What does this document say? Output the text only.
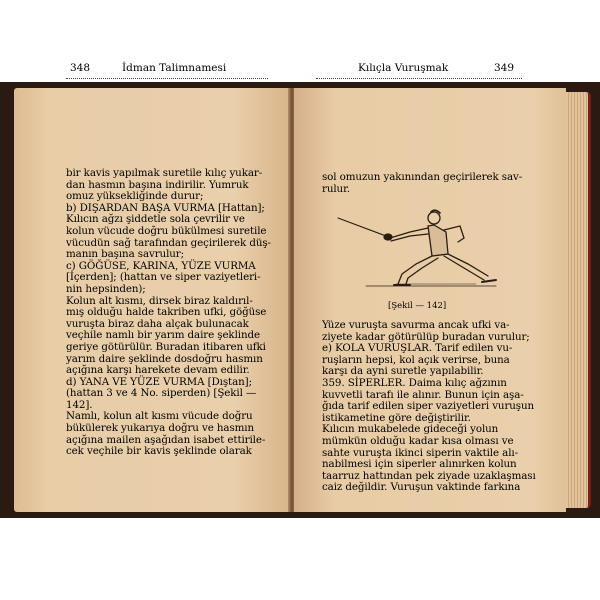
348	İdman Talimnamesi	Kılıçla Vuruşmak	349
bir kavis yapılmak suretile kılıç yukar-
dan hasmın başına indirilir. Yumruk
omuz yüksekliğinde durur;
b) DIŞARDAN BAŞA VURMA [Hattan];
Kılıcın ağzı şiddetle sola çevrilir ve
kolun vücude doğru bükülmesi suretile
vücudün sağ tarafından geçirilerek düş-
manın başına savrulur;
c) GÖĞÜSE, KARINA, YÜZE VURMA
[İçerden]; (hattan ve siper vaziyetleri-
nin hepsinden);
Kolun alt kısmı, dirsek biraz kaldırıl-
mış olduğu halde takriben ufki, göğüse
vuruşta biraz daha alçak bulunacak
veçhile namlı bir yarım daire şeklinde
geriye götürülür. Buradan itibaren ufki
yarım daire şeklinde dosdoğru hasmın
açığına karşı harekete devam edilir.
d) YANA VE YÜZE VURMA [Dıştan];
(hattan 3 ve 4 No. siperden) [Şekil —
142].
Namlı, kolun alt kısmı vücude doğru
bükülerek yukarıya doğru ve hasmın
açığına mailen aşağıdan isabet ettirile-
cek veçhile bir kavis şeklinde olarak
sol omuzun yakınından geçirilerek sav-
rulur.
[Şekil — 142]
Yüze vuruşta savurma ancak ufki va-
ziyete kadar götürülüp buradan vurulur;
e) KOLA VURUŞLAR. Tarif edilen vu-
ruşların hepsi, kol açık verirse, buna
karşı da ayni suretle yapılabilir.
359. SİPERLER. Daima kılıç ağzının
kuvvetli tarafı ile alınır. Bunun için aşa-
ğıda tarif edilen siper vaziyetleri vuruşun
istikametine göre değiştirilir.
Kılıcın mukabelede gideceği yolun
mümkün olduğu kadar kısa olması ve
sahte vuruşta ikinci siperin vaktile alı-
nabilmesi için siperler alınırken kolun
taarruz hattından pek ziyade uzaklaşması
caiz değildir. Vuruşun vaktinde farkına
